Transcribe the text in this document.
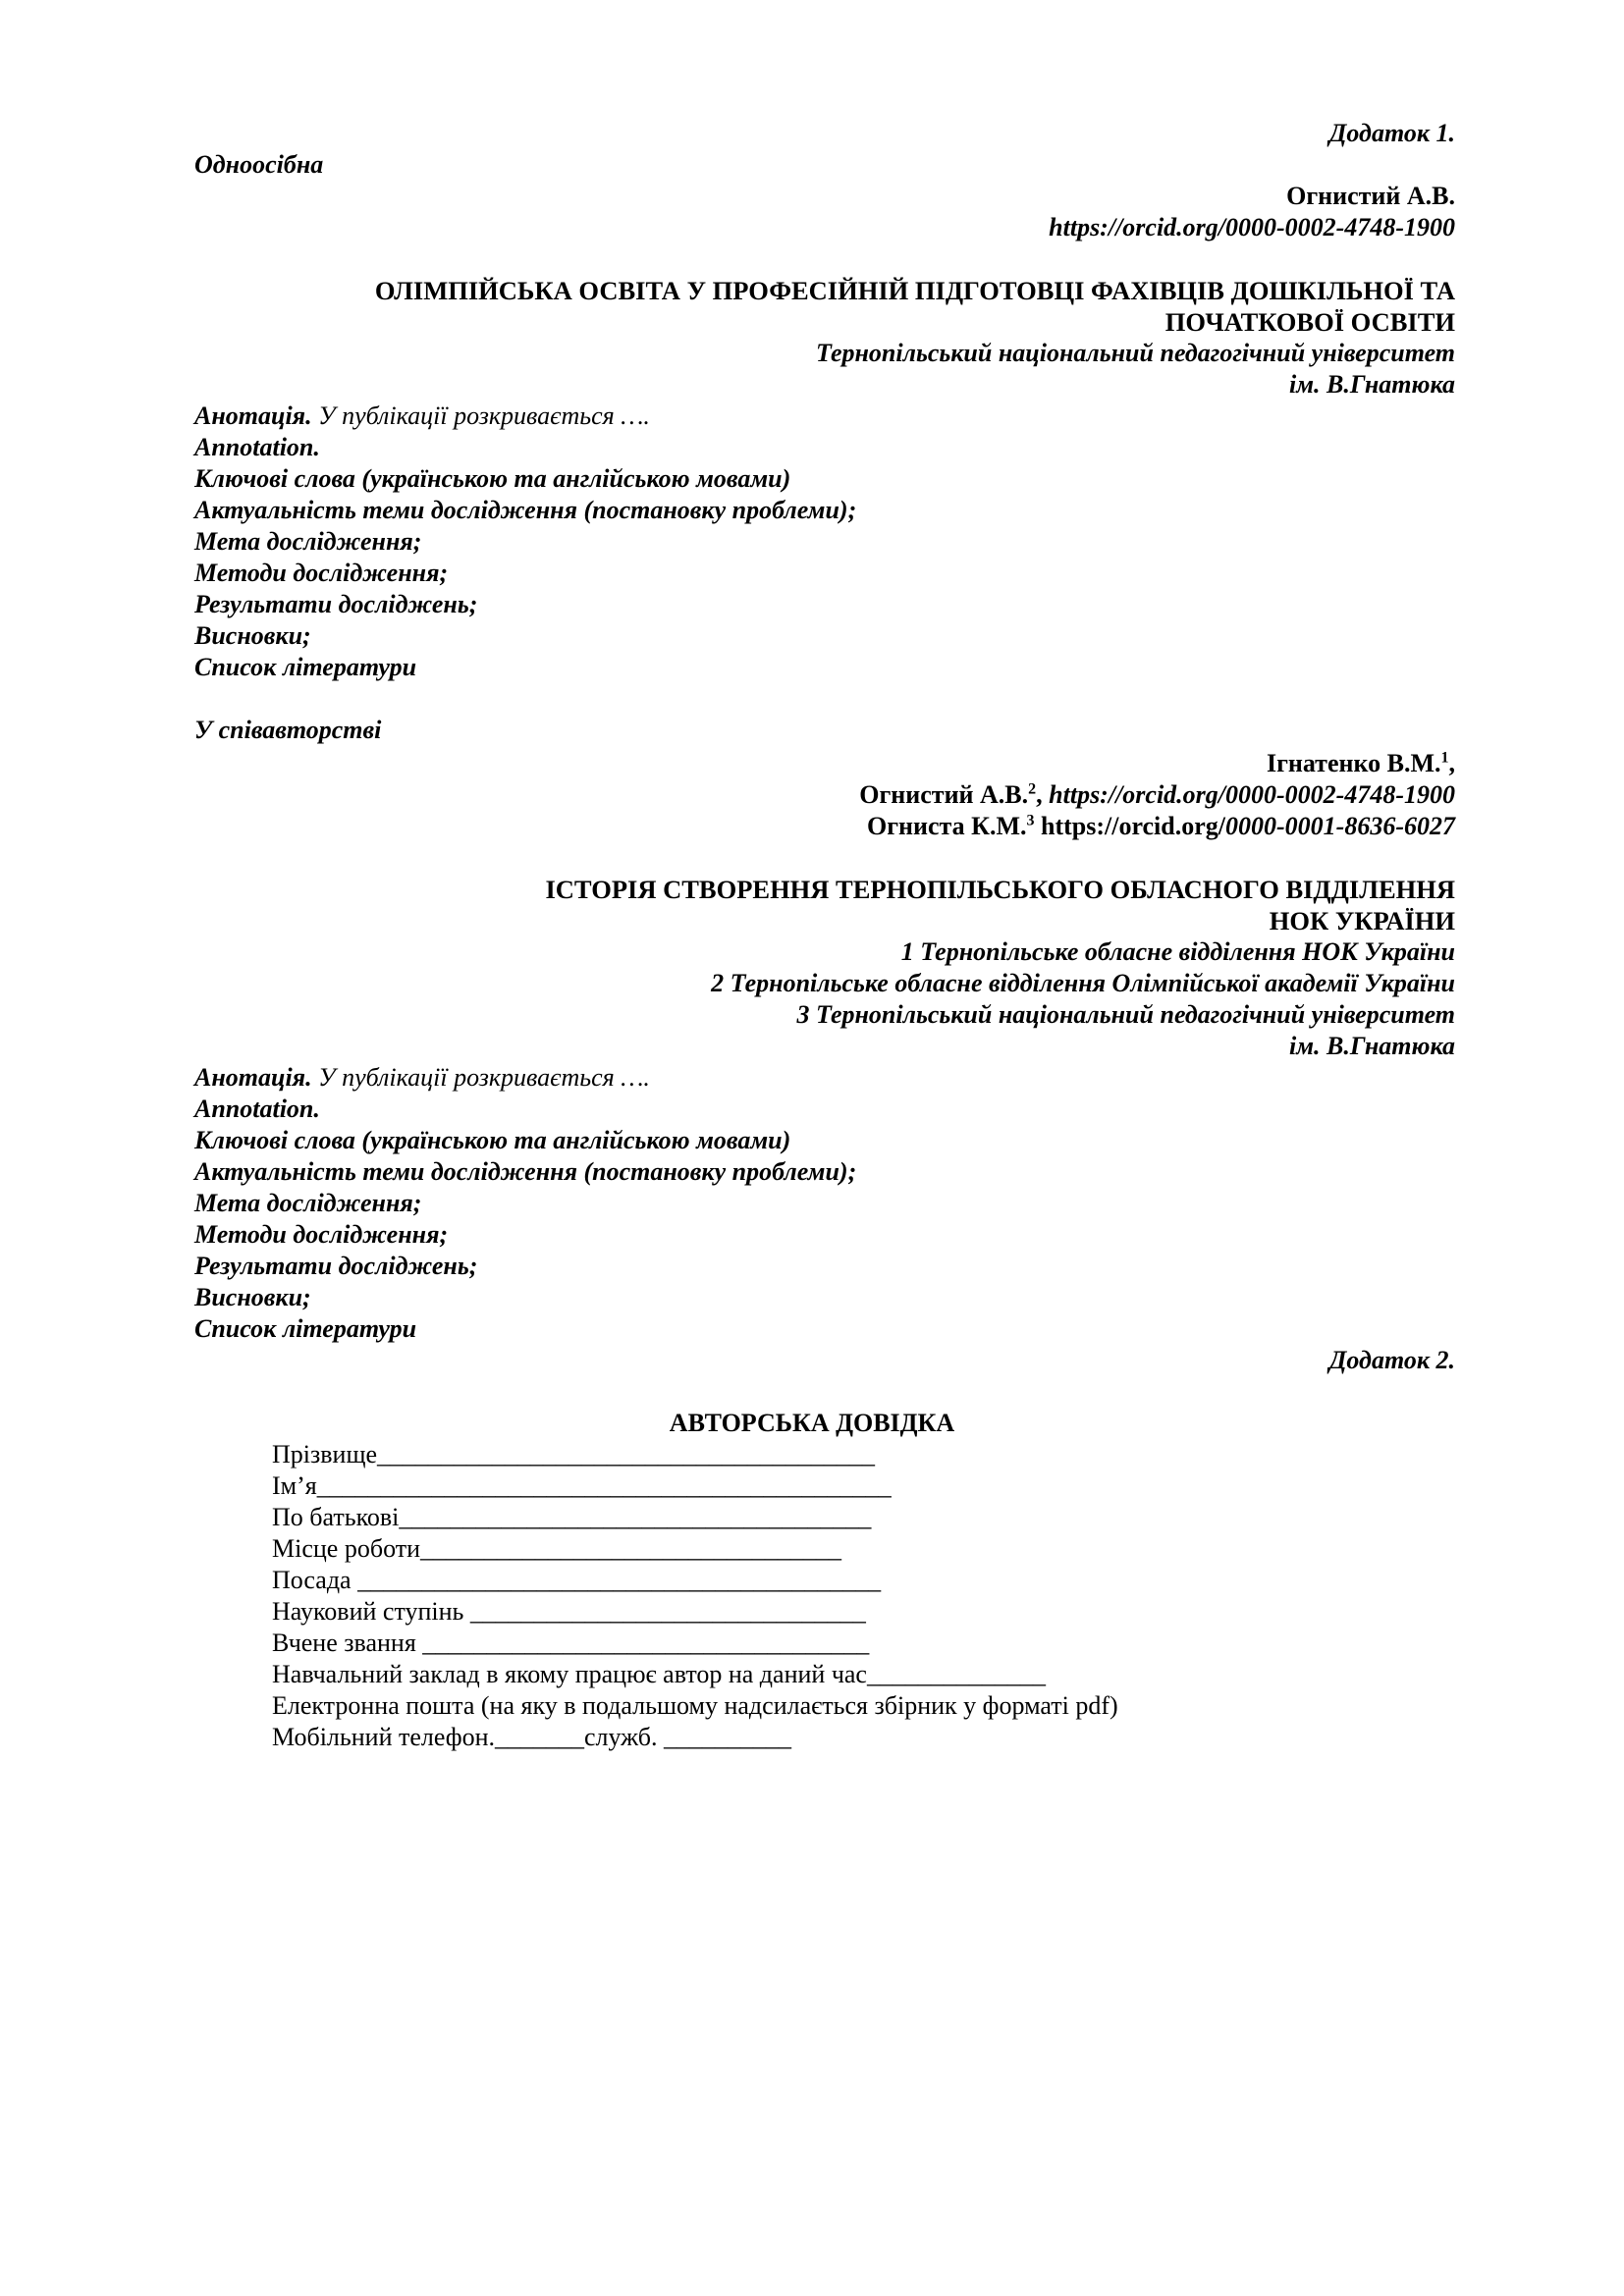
Додаток 1.
Одноосібна
Огнистий А.В.
https://orcid.org/0000-0002-4748-1900
ОЛІМПІЙСЬКА ОСВІТА У ПРОФЕСІЙНІЙ ПІДГОТОВЦІ ФАХІВЦІВ ДОШКІЛЬНОЇ ТА
ПОЧАТКОВОЇ ОСВІТИ
Тернопільський національний педагогічний університет
ім. В.Гнатюка
Анотація. У публікації розкривається ….
Annotation.
Ключові слова (українською та англійською мовами)
Актуальність теми дослідження (постановку проблеми);
Мета дослідження;
Методи дослідження;
Результати досліджень;
Висновки;
Список літератури
У співавторстві
Ігнатенко В.М.$^1$,
Огнистий А.В.$^2$, https://orcid.org/0000-0002-4748-1900
Огниста К.М.$^3$ https://orcid.org/0000-0001-8636-6027
ІСТОРІЯ СТВОРЕННЯ ТЕРНОПІЛЬСЬКОГО ОБЛАСНОГО ВІДДІЛЕННЯ
НОК УКРАЇНИ
1 Тернопільське обласне відділення НОК України
2 Тернопільське обласне відділення Олімпійської академії України
3 Тернопільський національний педагогічний університет
ім. В.Гнатюка
Анотація. У публікації розкривається ….
Annotation.
Ключові слова (українською та англійською мовами)
Актуальність теми дослідження (постановку проблеми);
Мета дослідження;
Методи дослідження;
Результати досліджень;
Висновки;
Список літератури
Додаток 2.
АВТОРСЬКА ДОВІДКА
Прізвище_______________________________________
Ім’я_____________________________________________
По батькові_____________________________________
Місце роботи_________________________________
Посада _________________________________________
Науковий ступінь _______________________________
Вчене звання ___________________________________
Навчальний заклад в якому працює автор на даний час______________
Електронна пошта (на яку в подальшому надсилається збірник у форматі pdf)
Мобільний телефон._______служб. __________
